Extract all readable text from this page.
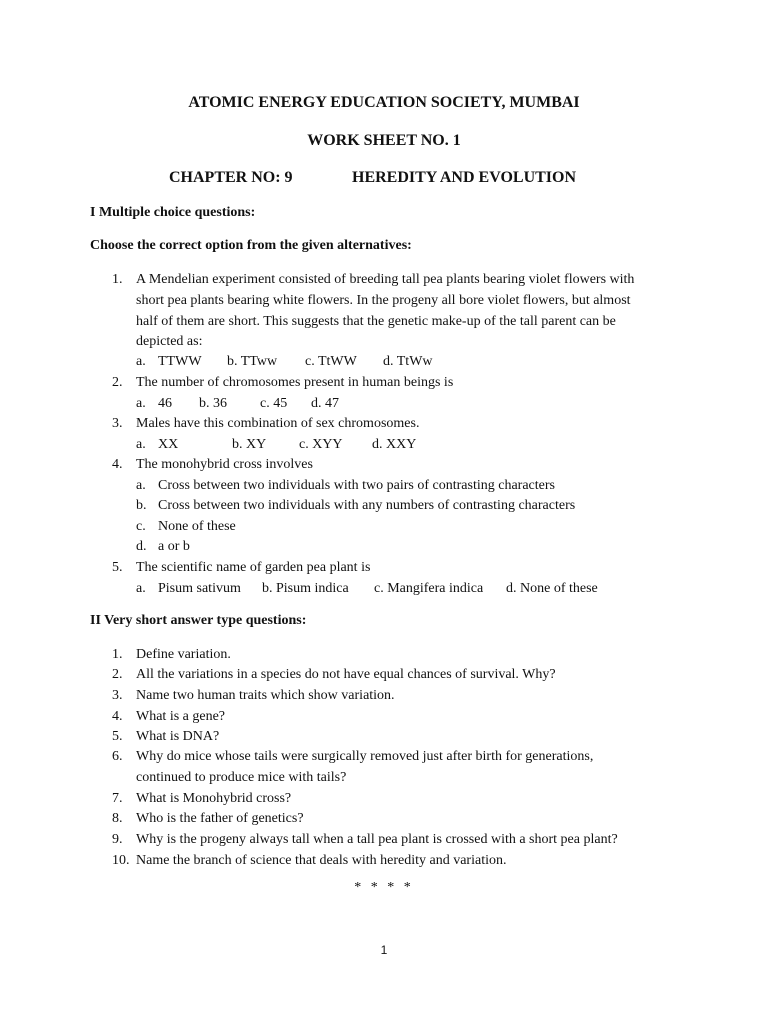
ATOMIC ENERGY EDUCATION SOCIETY, MUMBAI
WORK SHEET NO. 1
CHAPTER NO: 9	HEREDITY AND EVOLUTION
I Multiple choice questions:
Choose the correct option from the given alternatives:
1. A Mendelian experiment consisted of breeding tall pea plants bearing violet flowers with
short pea plants bearing white flowers. In the progeny all bore violet flowers, but almost
half of them are short. This suggests that the genetic make-up of the tall parent can be
depicted as:
a. TTWW b. TTww c. TtWW d. TtWw
2. The number of chromosomes present in human beings is
a. 46 b. 36 c. 45 d. 47
3. Males have this combination of sex chromosomes.
a. XX	b. XY c. XYY d. XXY
4. The monohybrid cross involves
a. Cross between two individuals with two pairs of contrasting characters
b. Cross between two individuals with any numbers of contrasting characters
c. None of these
d. a or b
5. The scientific name of garden pea plant is
a. Pisum sativum b. Pisum indica c. Mangifera indica d. None of these
II Very short answer type questions:
1. Define variation.
2. All the variations in a species do not have equal chances of survival. Why?
3. Name two human traits which show variation.
4. What is a gene?
5. What is DNA?
6. Why do mice whose tails were surgically removed just after birth for generations,
continued to produce mice with tails?
7. What is Monohybrid cross?
8. Who is the father of genetics?
9. Why is the progeny always tall when a tall pea plant is crossed with a short pea plant?
10. Name the branch of science that deals with heredity and variation.
* * * *
1
